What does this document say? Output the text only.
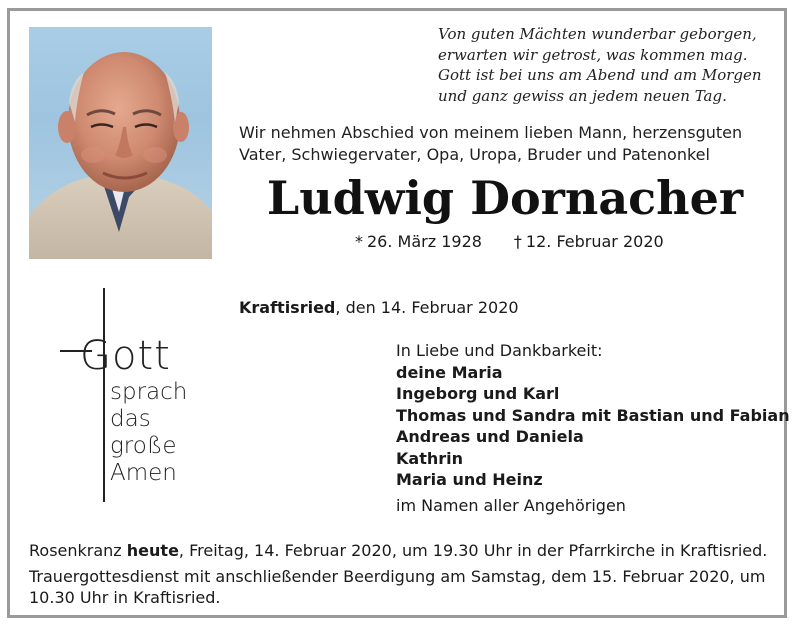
Von guten Mächten wunderbar geborgen,
erwarten wir getrost, was kommen mag.
Gott ist bei uns am Abend und am Morgen
und ganz gewiss an jedem neuen Tag.
Wir nehmen Abschied von meinem lieben Mann, herzensguten
Vater, Schwiegervater, Opa, Uropa, Bruder und Patenonkel
Ludwig Dornacher
* 26. März 1928 † 12. Februar 2020
Gott
sprach
das
große
Amen
Kraftisried, den 14. Februar 2020
In Liebe und Dankbarkeit:
deine Maria
Ingeborg und Karl
Thomas und Sandra mit Bastian und Fabian
Andreas und Daniela
Kathrin
Maria und Heinz
im Namen aller Angehörigen
Rosenkranz heute, Freitag, 14. Februar 2020, um 19.30 Uhr in der Pfarrkirche in Kraftisried.
Trauergottesdienst mit anschließender Beerdigung am Samstag, dem 15. Februar 2020, um
10.30 Uhr in Kraftisried.
